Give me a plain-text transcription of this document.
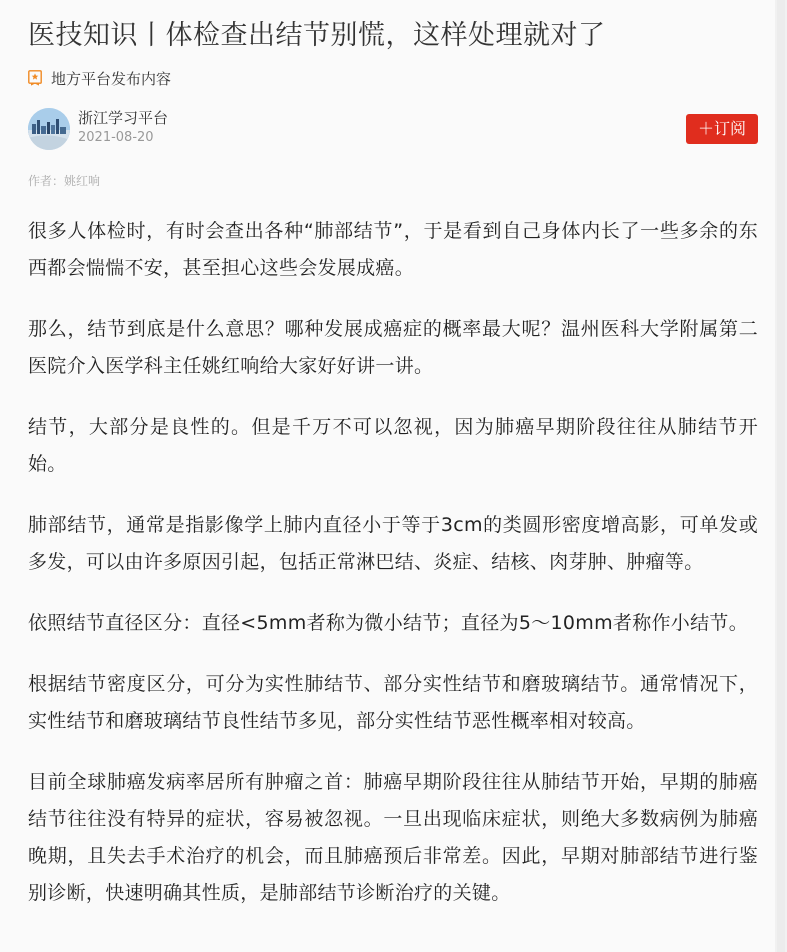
医技知识丨体检查出结节别慌，这样处理就对了
地方平台发布内容
浙江学习平台
2021-08-20	＋订阅
作者：姚红响

很多人体检时，有时会查出各种“肺部结节”，于是看到自己身体内长了一些多余的东西都会惴惴不安，甚至担心这些会发展成癌。

那么，结节到底是什么意思？哪种发展成癌症的概率最大呢？温州医科大学附属第二医院介入医学科主任姚红响给大家好好讲一讲。

结节，大部分是良性的。但是千万不可以忽视，因为肺癌早期阶段往往从肺结节开始。

肺部结节，通常是指影像学上肺内直径小于等于3cm的类圆形密度增高影，可单发或多发，可以由许多原因引起，包括正常淋巴结、炎症、结核、肉芽肿、肿瘤等。

依照结节直径区分：直径<5mm者称为微小结节；直径为5～10mm者称作小结节。

根据结节密度区分，可分为实性肺结节、部分实性结节和磨玻璃结节。通常情况下，实性结节和磨玻璃结节良性结节多见，部分实性结节恶性概率相对较高。

目前全球肺癌发病率居所有肿瘤之首：肺癌早期阶段往往从肺结节开始，早期的肺癌结节往往没有特异的症状，容易被忽视。一旦出现临床症状，则绝大多数病例为肺癌晚期，且失去手术治疗的机会，而且肺癌预后非常差。因此，早期对肺部结节进行鉴别诊断，快速明确其性质，是肺部结节诊断治疗的关键。
